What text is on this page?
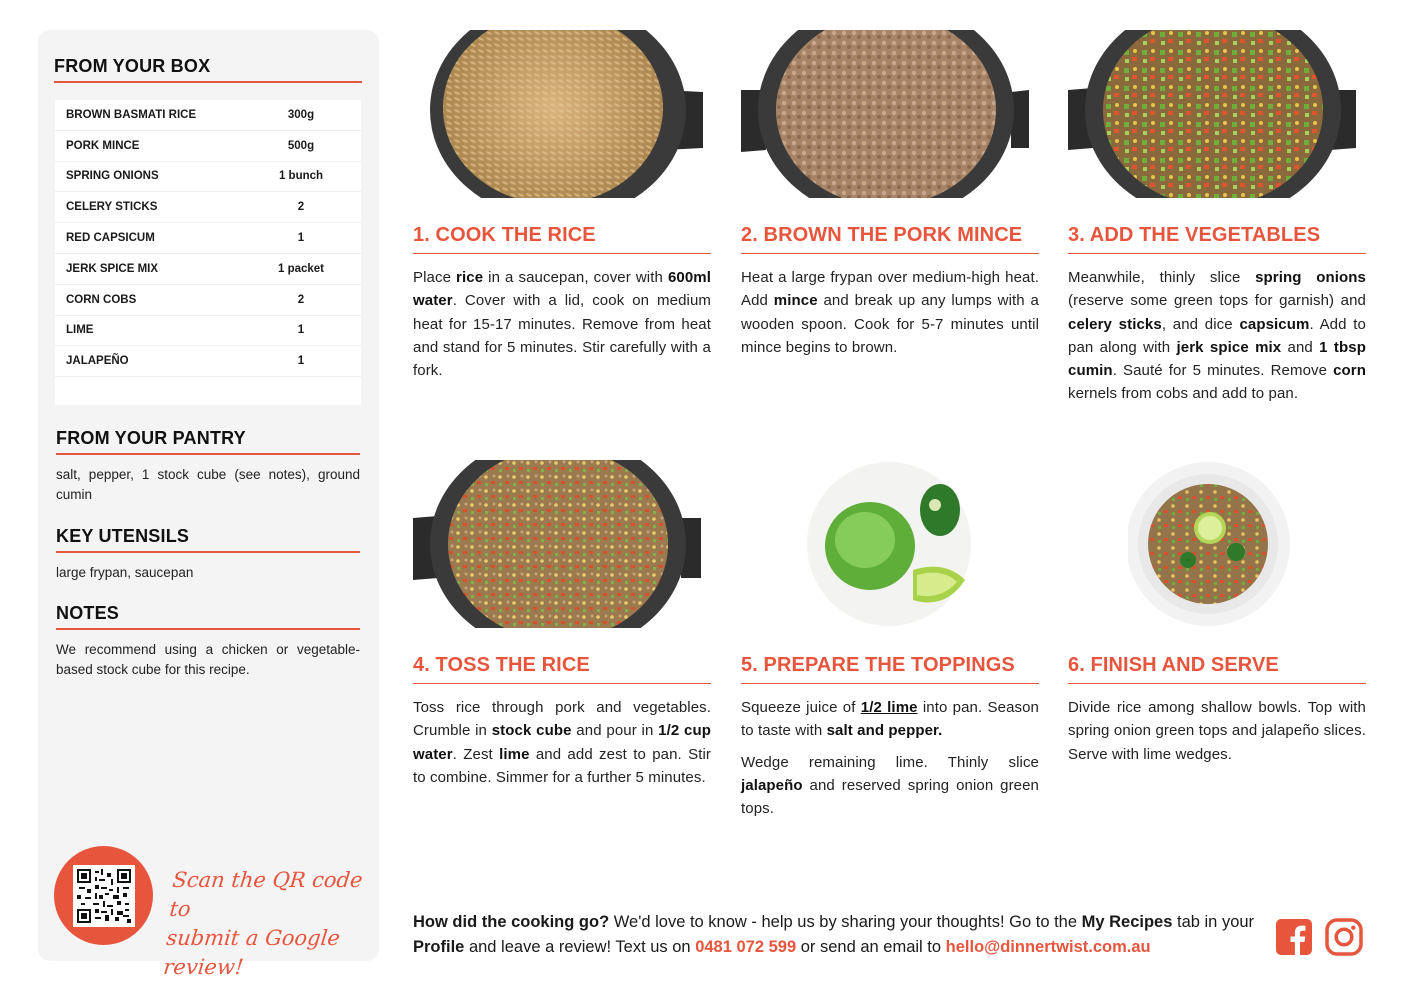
FROM YOUR BOX
BROWN BASMATI RICE	300g
PORK MINCE	500g
SPRING ONIONS	1 bunch
CELERY STICKS	2
RED CAPSICUM	1
JERK SPICE MIX	1 packet
CORN COBS	2
LIME	1
JALAPEÑO	1
FROM YOUR PANTRY
salt, pepper, 1 stock cube (see notes), ground cumin
KEY UTENSILS
large frypan, saucepan
NOTES
We recommend using a chicken or vegetable-based stock cube for this recipe.
Scan the QR code to
submit a Google review!
1. COOK THE RICE

Place rice in a saucepan, cover with 600ml water. Cover with a lid, cook on medium heat for 15-17 minutes. Remove from heat and stand for 5 minutes. Stir carefully with a fork.

2. BROWN THE PORK MINCE

Heat a large frypan over medium-high heat. Add mince and break up any lumps with a wooden spoon. Cook for 5-7 minutes until mince begins to brown.

3. ADD THE VEGETABLES

Meanwhile, thinly slice spring onions (reserve some green tops for garnish) and celery sticks, and dice capsicum. Add to pan along with jerk spice mix and 1 tbsp cumin. Sauté for 5 minutes. Remove corn kernels from cobs and add to pan.

4. TOSS THE RICE

Toss rice through pork and vegetables. Crumble in stock cube and pour in 1/2 cup water. Zest lime and add zest to pan. Stir to combine. Simmer for a further 5 minutes.

5. PREPARE THE TOPPINGS

Squeeze juice of 1/2 lime into pan. Season to taste with salt and pepper.

Wedge remaining lime. Thinly slice jalapeño and reserved spring onion green tops.

6. FINISH AND SERVE

Divide rice among shallow bowls. Top with spring onion green tops and jalapeño slices. Serve with lime wedges.

How did the cooking go? We'd love to know - help us by sharing your thoughts! Go to the My Recipes tab in your Profile and leave a review! Text us on 0481 072 599 or send an email to hello@dinnertwist.com.au
